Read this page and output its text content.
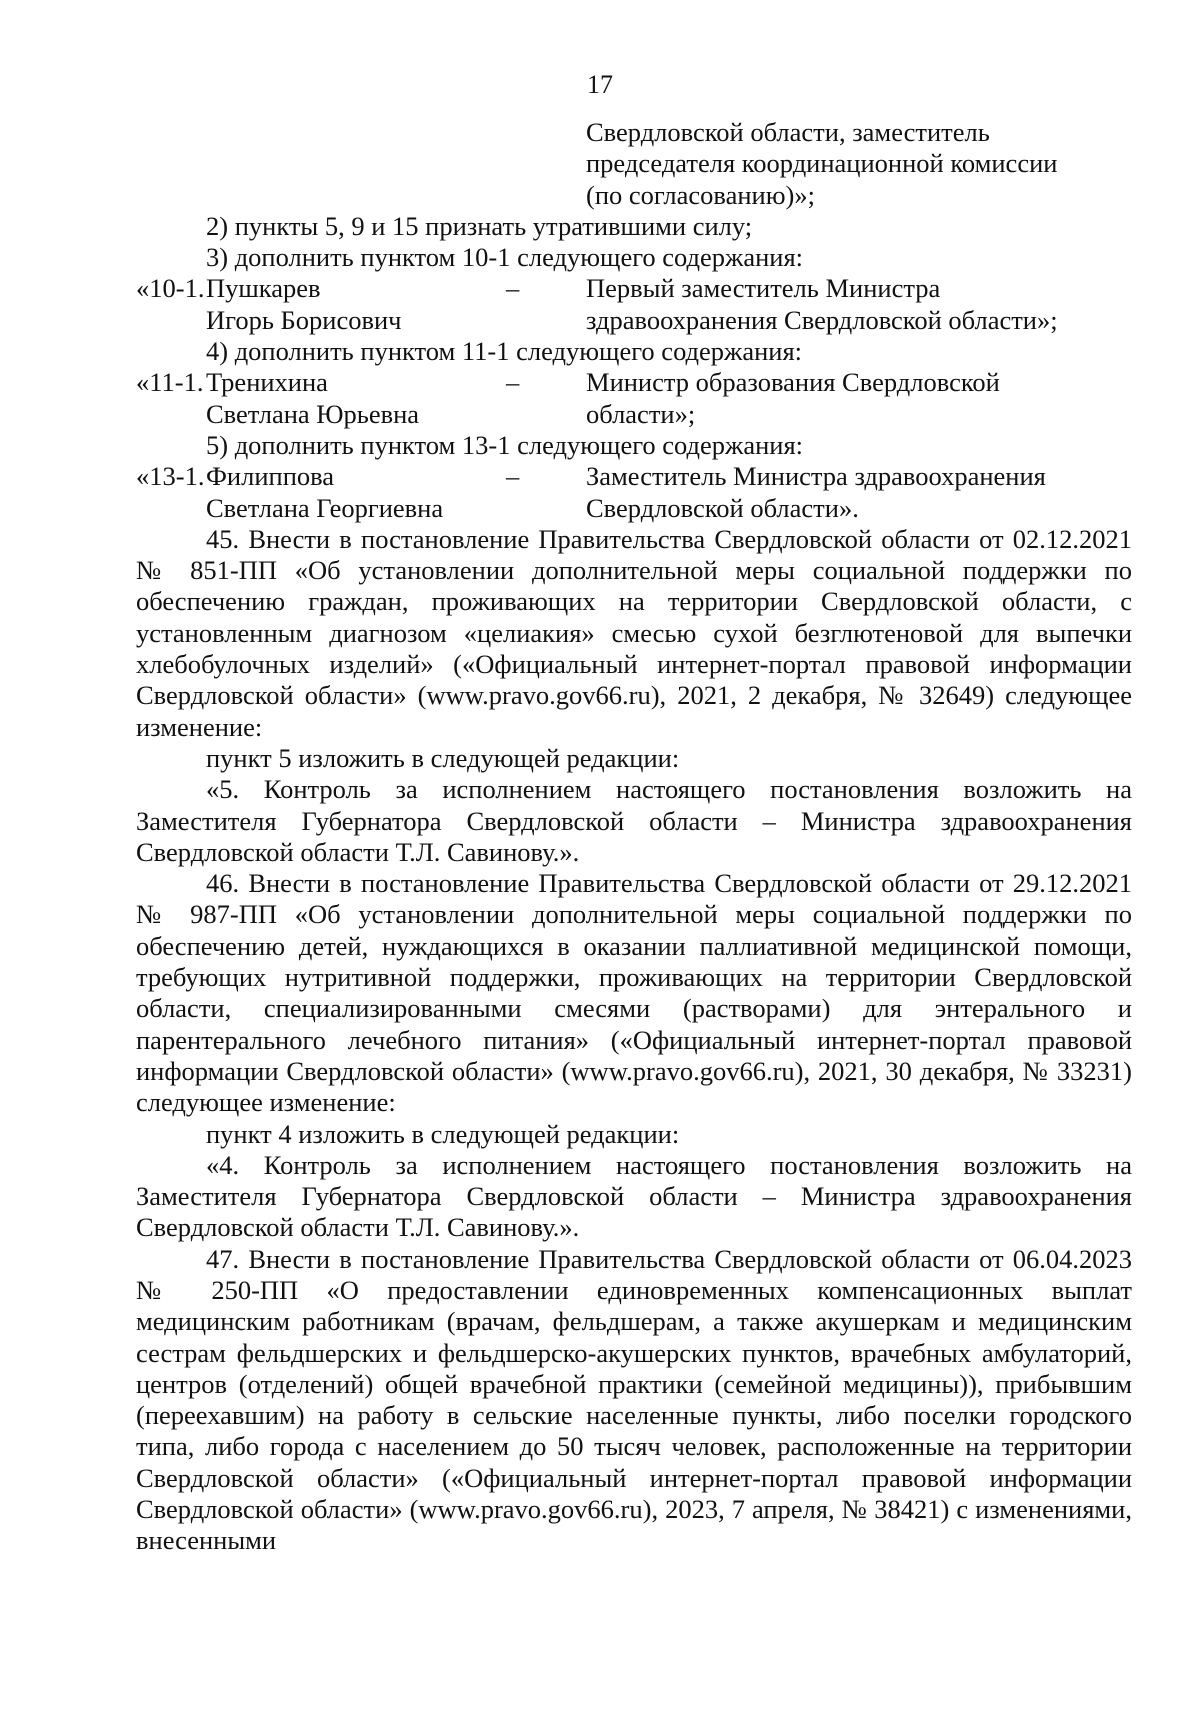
17
Свердловской области, заместитель
председателя координационной комиссии
(по согласованию)»;
2) пункты 5, 9 и 15 признать утратившими силу;
3) дополнить пунктом 10-1 следующего содержания:
«10-1. Пушкарев	–	Первый заместитель Министра
Игорь Борисович	здравоохранения Свердловской области»;
4) дополнить пунктом 11-1 следующего содержания:
«11-1. Тренихина	–	Министр образования Свердловской
Светлана Юрьевна	области»;
5) дополнить пунктом 13-1 следующего содержания:
«13-1. Филиппова	–	Заместитель Министра здравоохранения
Светлана Георгиевна	Свердловской области».

45. Внести в постановление Правительства Свердловской области от 02.12.2021 № 851-ПП «Об установлении дополнительной меры социальной поддержки по обеспечению граждан, проживающих на территории Свердловской области, с установленным диагнозом «целиакия» смесью сухой безглютеновой для выпечки хлебобулочных изделий» («Официальный интернет-портал правовой информации Свердловской области» (www.pravo.gov66.ru), 2021, 2 декабря, № 32649) следующее изменение:

пункт 5 изложить в следующей редакции:

«5. Контроль за исполнением настоящего постановления возложить на Заместителя Губернатора Свердловской области – Министра здравоохранения Свердловской области Т.Л. Савинову.».

46. Внести в постановление Правительства Свердловской области от 29.12.2021 № 987-ПП «Об установлении дополнительной меры социальной поддержки по обеспечению детей, нуждающихся в оказании паллиативной медицинской помощи, требующих нутритивной поддержки, проживающих на территории Свердловской области, специализированными смесями (растворами) для энтерального и парентерального лечебного питания» («Официальный интернет-портал правовой информации Свердловской области» (www.pravo.gov66.ru), 2021, 30 декабря, № 33231) следующее изменение:

пункт 4 изложить в следующей редакции:

«4. Контроль за исполнением настоящего постановления возложить на Заместителя Губернатора Свердловской области – Министра здравоохранения Свердловской области Т.Л. Савинову.».

47. Внести в постановление Правительства Свердловской области от 06.04.2023 № 250-ПП «О предоставлении единовременных компенсационных выплат медицинским работникам (врачам, фельдшерам, а также акушеркам и медицинским сестрам фельдшерских и фельдшерско-акушерских пунктов, врачебных амбулаторий, центров (отделений) общей врачебной практики (семейной медицины)), прибывшим (переехавшим) на работу в сельские населенные пункты, либо поселки городского типа, либо города с населением до 50 тысяч человек, расположенные на территории Свердловской области» («Официальный интернет-портал правовой информации Свердловской области» (www.pravo.gov66.ru), 2023, 7 апреля, № 38421) с изменениями, внесенными
